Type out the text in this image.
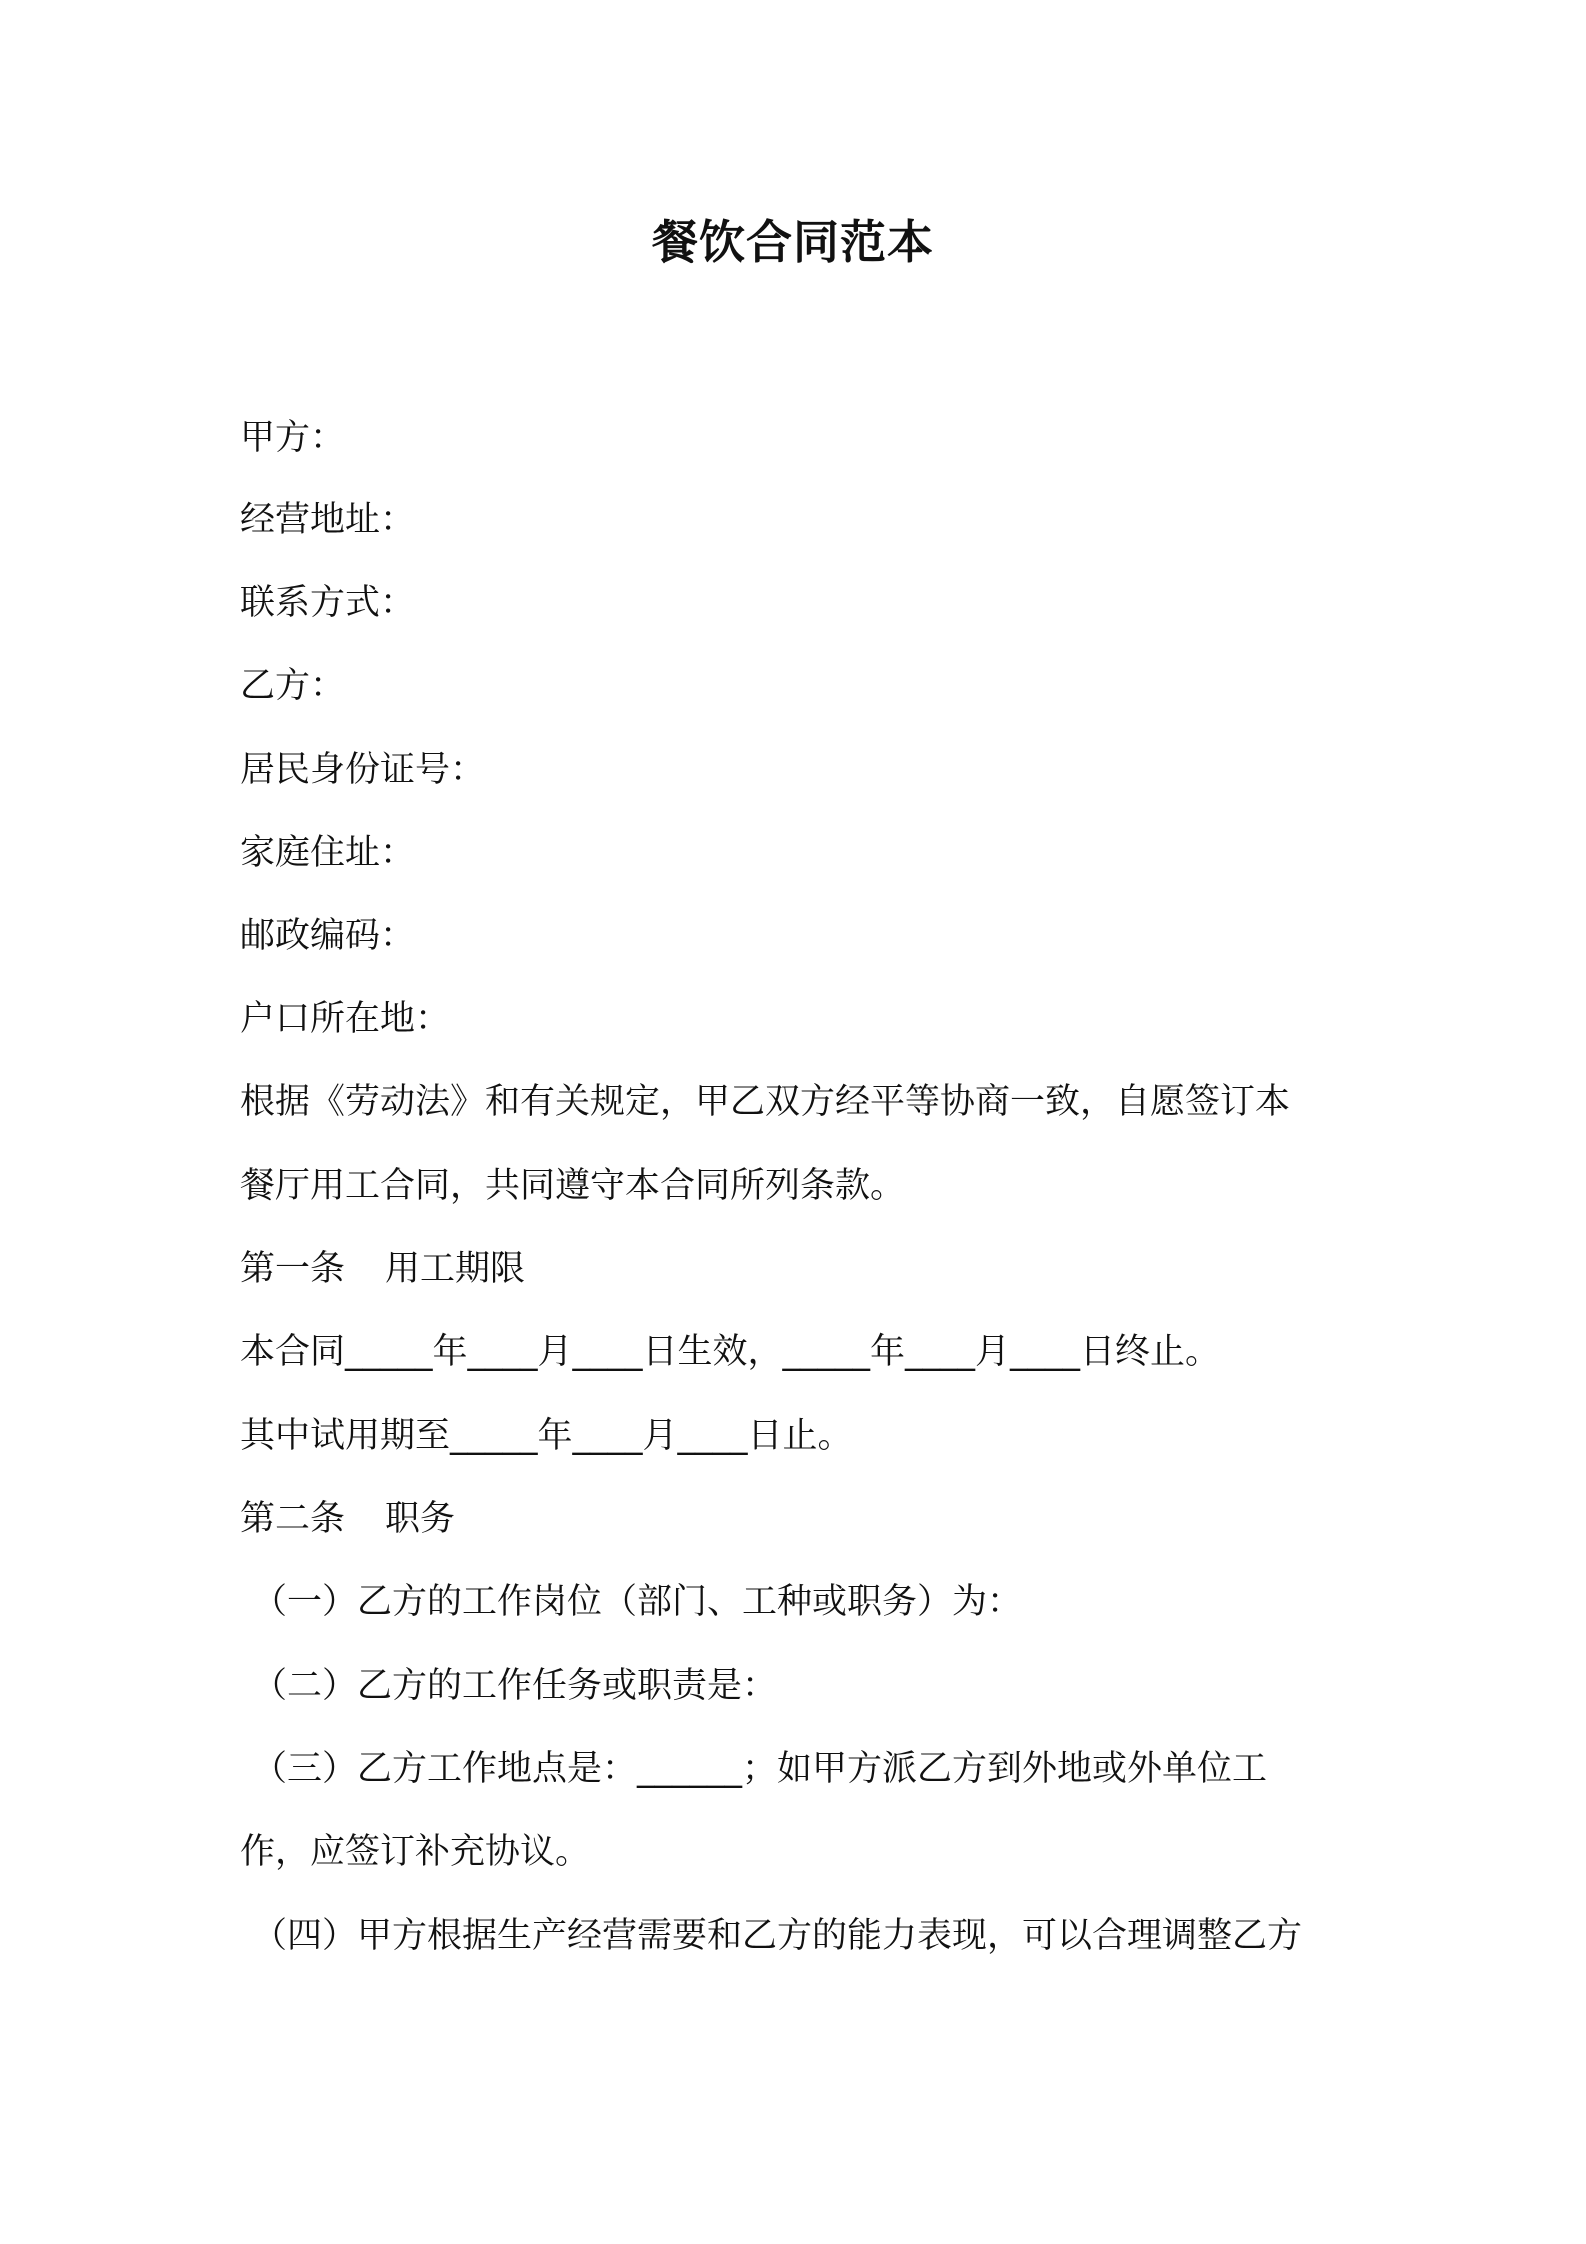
餐饮合同范本
甲方：
经营地址：
联系方式：
乙方：
居民身份证号：
家庭住址：
邮政编码：
户口所在地：
根据《劳动法》和有关规定，甲乙双方经平等协商一致，自愿签订本
餐厅用工合同，共同遵守本合同所列条款。
第一条 用工期限
本合同_____年____月____日生效，_____年____月____日终止。
其中试用期至_____年____月____日止。
第二条 职务
（一）乙方的工作岗位（部门、工种或职务）为：
（二）乙方的工作任务或职责是：
（三）乙方工作地点是：______；如甲方派乙方到外地或外单位工
作，应签订补充协议。
（四）甲方根据生产经营需要和乙方的能力表现，可以合理调整乙方
